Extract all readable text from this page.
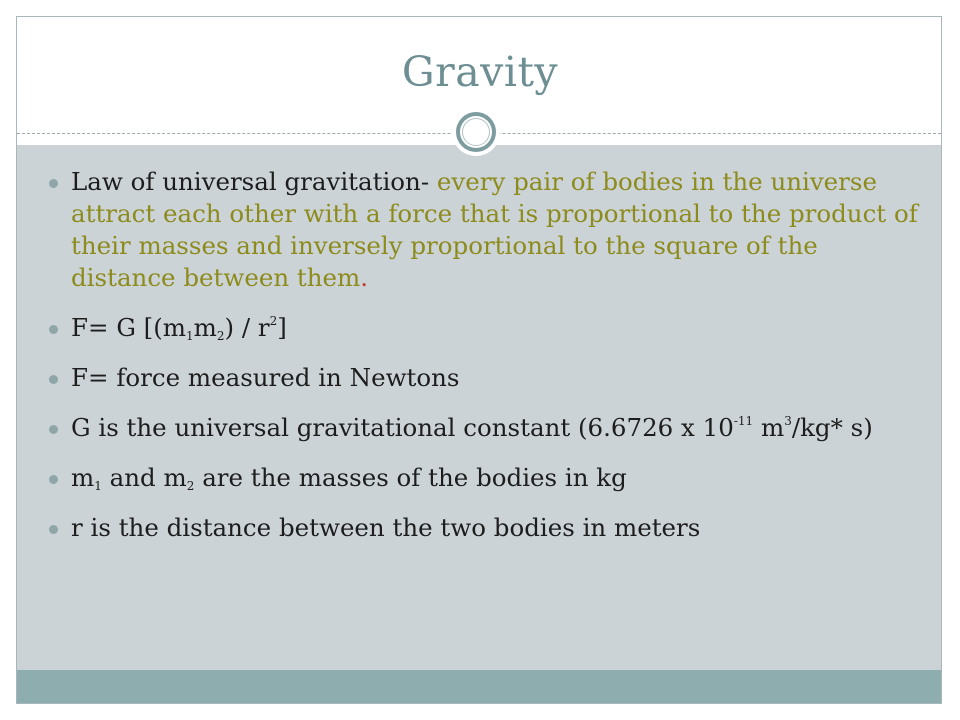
Gravity
Law of universal gravitation- every pair of bodies in the universe attract each other with a force that is proportional to the product of their masses and inversely proportional to the square of the distance between them.
F= G $[(m_1m_2) / r^2]$
F= force measured in Newtons
G is the universal gravitational constant (6.6726 x $10^{-11}$ $m^3/kg*$ s)
$m_1$ and $m_2$ are the masses of the bodies in kg
r is the distance between the two bodies in meters
